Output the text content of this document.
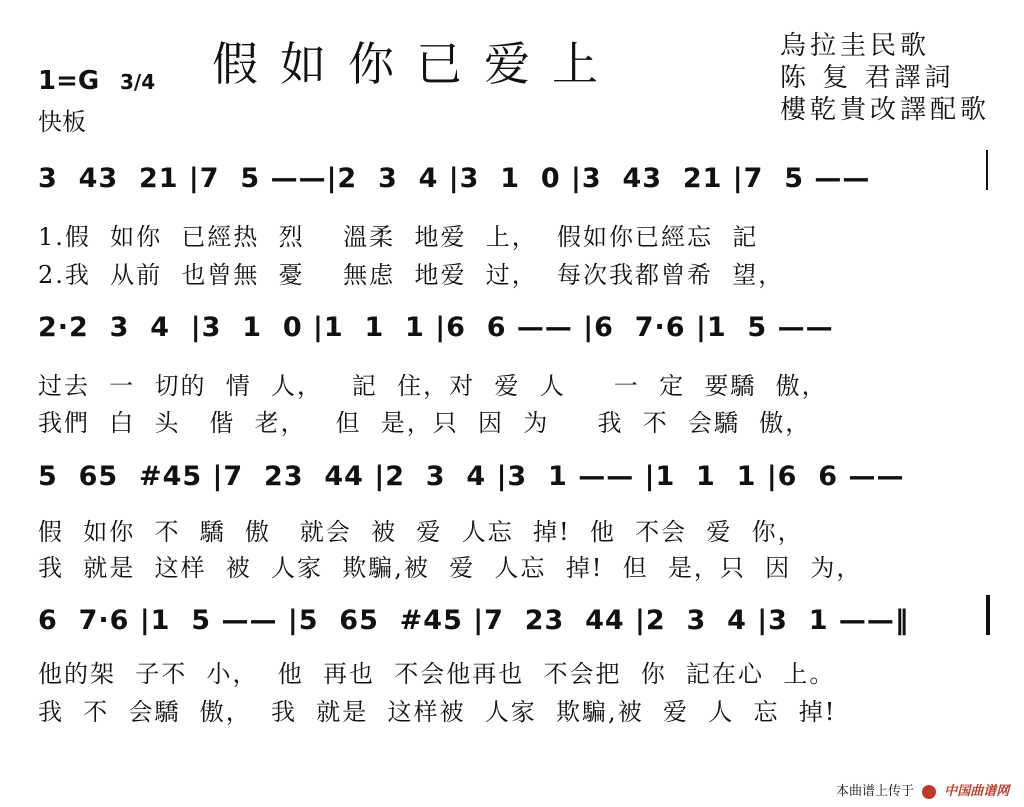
假如你已爱上	烏拉圭民歌
陈 复 君譯詞
樓乾貴改譯配歌
1=G 3/4
快板
3  43  21 |7  5 ——|2  3  4 |3  1  0 |3  43  21 |7  5 ——
1.假  如你  已經热  烈    溫柔  地爱  上，  假如你已經忘  記
2.我  从前  也曾無  憂    無虑  地爱  过，  每次我都曾希  望，
2·2  3  4  |3  1  0 |1  1  1 |6  6 —— |6  7·6 |1  5 ——
过去  一  切的  情  人，   記  住，对  爱  人     一  定  要驕  傲，
我們  白  头   偕  老，   但  是，只  因  为     我  不  会驕  傲，
5  65  #45 |7  23  44 |2  3  4 |3  1 —— |1  1  1 |6  6 ——
假  如你  不  驕  傲   就会  被  爱  人忘  掉!  他  不会  爱  你，
我  就是  这样  被  人家  欺騙,被  爱  人忘  掉!  但  是，只  因  为，
6  7·6 |1  5 —— |5  65  #45 |7  23  44 |2  3  4 |3  1 ——‖
他的架  子不  小，  他  再也  不会他再也  不会把  你  記在心  上。
我  不  会驕  傲，  我  就是  这样被  人家  欺騙,被  爱  人  忘  掉!
本曲谱上传于 中国曲谱网
